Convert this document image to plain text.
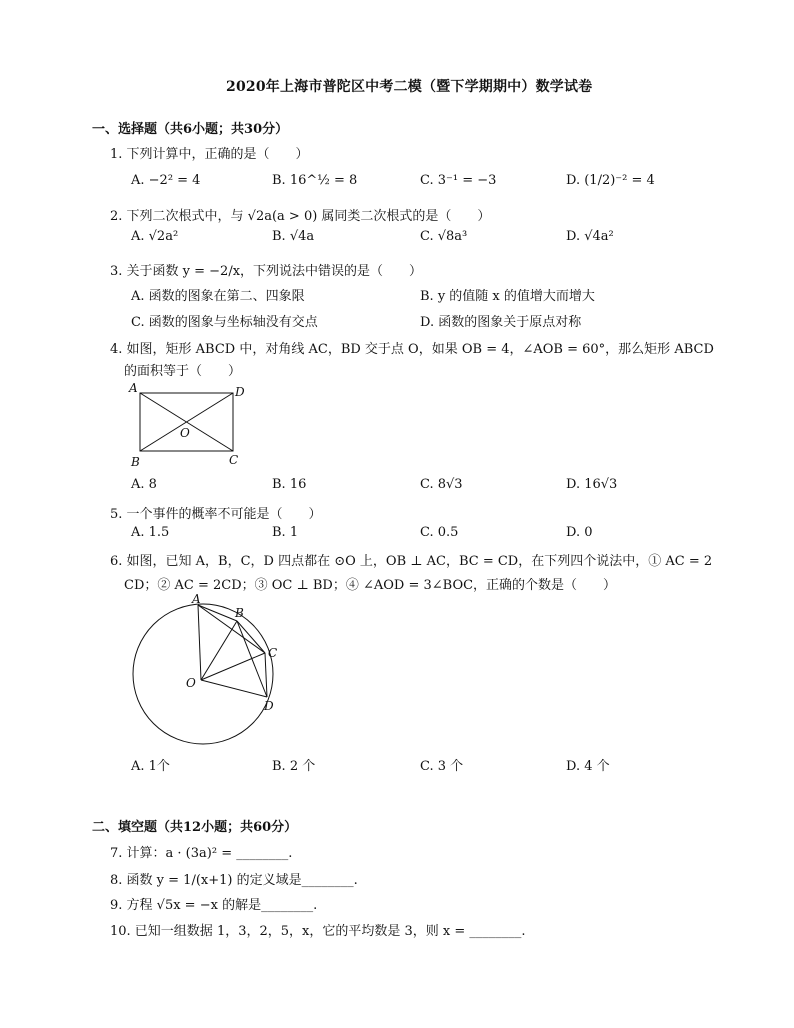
2020年上海市普陀区中考二模（暨下学期期中）数学试卷
一、选择题（共6小题；共30分）
1. 下列计算中，正确的是（　　）
A. −2² = 4	B. 16^½ = 8	C. 3⁻¹ = −3	D. (1/2)⁻² = 4
2. 下列二次根式中，与 √2a(a > 0) 属同类二次根式的是（　　）
A. √2a²	B. √4a	C. √8a³	D. √4a²
3. 关于函数 y = −2/x，下列说法中错误的是（　　）
A. 函数的图象在第二、四象限	B. y 的值随 x 的值增大而增大
C. 函数的图象与坐标轴没有交点	D. 函数的图象关于原点对称
4. 如图，矩形 ABCD 中，对角线 AC，BD 交于点 O，如果 OB = 4，∠AOB = 60°，那么矩形 ABCD
的面积等于（　　）
A	D
O
B	C
A. 8	B. 16	C. 8√3	D. 16√3
5. 一个事件的概率不可能是（　　）
A. 1.5	B. 1	C. 0.5	D. 0
6. 如图，已知 A，B，C，D 四点都在 ⊙O 上，OB ⊥ AC，BC = CD，在下列四个说法中，① AC = 2
CD；② AC = 2CD；③ OC ⊥ BD；④ ∠AOD = 3∠BOC，正确的个数是（　　）
A
B
C
O
D
A. 1个	B. 2 个	C. 3 个	D. 4 个
二、填空题（共12小题；共60分）
7. 计算：a · (3a)² = ________.
8. 函数 y = 1/(x+1) 的定义域是________.
9. 方程 √5x = −x 的解是________.
10. 已知一组数据 1，3，2，5，x，它的平均数是 3，则 x = ________.
